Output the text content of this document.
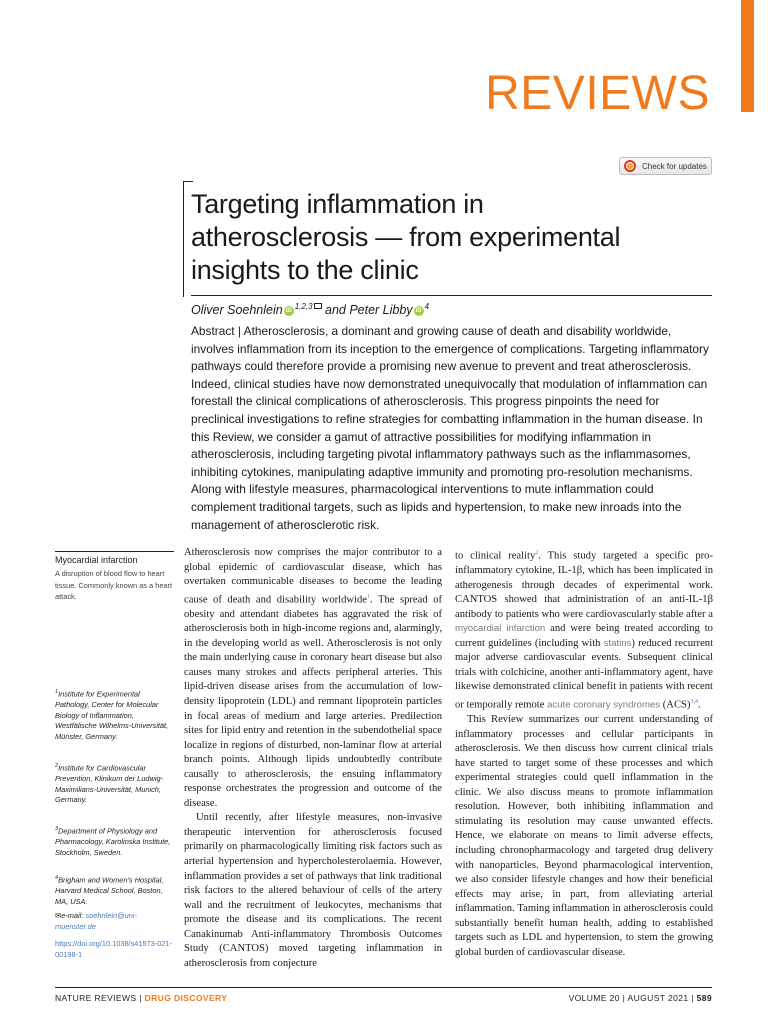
REVIEWS
Check for updates
Targeting inflammation in
atherosclerosis — from experimental
insights to the clinic
Oliver Soehnlein iD $^{1,2,3}$ and Peter Libby iD $^4$
Abstract | Atherosclerosis, a dominant and growing cause of death and disability worldwide, involves inflammation from its inception to the emergence of complications. Targeting inflammatory pathways could therefore provide a promising new avenue to prevent and treat atherosclerosis. Indeed, clinical studies have now demonstrated unequivocally that modulation of inflammation can forestall the clinical complications of atherosclerosis. This progress pinpoints the need for preclinical investigations to refine strategies for combatting inflammation in the human disease. In this Review, we consider a gamut of attractive possibilities for modifying inflammation in atherosclerosis, including targeting pivotal inflammatory pathways such as the inflammasomes, inhibiting cytokines, manipulating adaptive immunity and promoting pro-resolution mechanisms. Along with lifestyle measures, pharmacological interventions to mute inflammation could complement traditional targets, such as lipids and hypertension, to make new inroads into the management of atherosclerotic risk.
Myocardial infarction
A disruption of blood flow to heart tissue. Commonly known as a heart attack.
$^1$Institute for Experimental Pathology, Center for Molecular Biology of Inflammation, Westfälische Wilhelms-Universität, Münster, Germany.
$^2$Institute for Cardiovascular Prevention, Klinikum der Ludwig-Maximilians-Universität, Munich, Germany.
$^3$Department of Physiology and Pharmacology, Karolinska Institute, Stockholm, Sweden.
$^4$Brigham and Women's Hospital, Harvard Medical School, Boston, MA, USA.
✉e-mail: soehnlein@uni-muenster.de
https://doi.org/10.1038/s41573-021-00198-1

Atherosclerosis now comprises the major contributor to a global epidemic of cardiovascular disease, which has overtaken communicable diseases to become the leading cause of death and disability worldwide$^1$. The spread of obesity and attendant diabetes has aggravated the risk of atherosclerosis both in high-income regions and, alarmingly, in the developing world as well. Atherosclerosis is not only the main underlying cause in coronary heart disease but also causes many strokes and affects peripheral arteries. This lipid-driven disease arises from the accumulation of low-density lipoprotein (LDL) and remnant lipoprotein particles in focal areas of medium and large arteries. Predilection sites for lipid entry and retention in the subendothelial space localize in regions of disturbed, non-laminar flow at arterial branch points. Although lipids undoubtedly contribute causally to atherosclerosis, the ensuing inflammatory response orchestrates the progression and outcome of the disease.

Until recently, after lifestyle measures, non-invasive therapeutic intervention for atherosclerosis focused primarily on pharmacologically limiting risk factors such as arterial hypertension and hypercholesterolaemia. However, inflammation provides a set of pathways that link traditional risk factors to the altered behaviour of cells of the artery wall and the recruitment of leukocytes, mechanisms that promote the disease and its complications. The recent Canakinumab Anti-inflammatory Thrombosis Outcomes Study (CANTOS) moved targeting inflammation in atherosclerosis from conjecture

to clinical reality$^2$. This study targeted a specific pro-inflammatory cytokine, IL-1β, which has been implicated in atherogenesis through decades of experimental work. CANTOS showed that administration of an anti-IL-1β antibody to patients who were cardiovascularly stable after a myocardial infarction and were being treated according to current guidelines (including with statins) reduced recurrent major adverse cardiovascular events. Subsequent clinical trials with colchicine, another anti-inflammatory agent, have likewise demonstrated clinical benefit in patients with recent or temporally remote acute coronary syndromes (ACS)$^{3,4}$.

This Review summarizes our current understanding of inflammatory processes and cellular participants in atherosclerosis. We then discuss how current clinical trials have started to target some of these processes and which experimental strategies could quell inflammation in the clinic. We also discuss means to promote inflammation resolution. However, both inhibiting inflammation and stimulating its resolution may cause unwanted effects. Hence, we elaborate on means to limit adverse effects, including chronopharmacology and targeted drug delivery with nanoparticles. Beyond pharmacological intervention, we also consider lifestyle changes and how their beneficial effects may arise, in part, from alleviating arterial inflammation. Taming inflammation in atherosclerosis could substantially benefit human health, adding to established targets such as LDL and hypertension, to stem the growing global burden of cardiovascular disease.

NATURE REVIEWS | DRUG DISCOVERY	VOLUME 20 | AUGUST 2021 | 589
